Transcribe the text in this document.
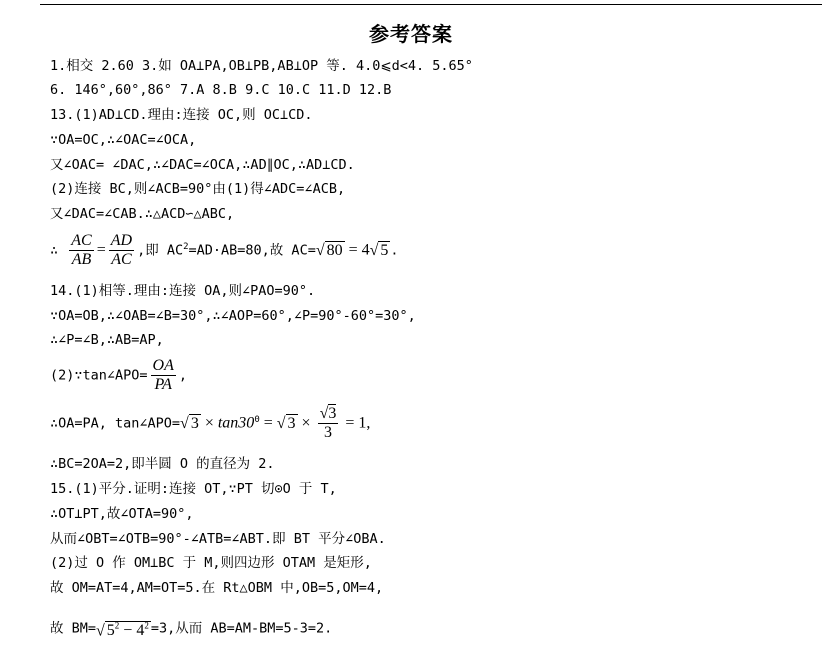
参考答案
1.相交 2.60 3.如 OA⊥PA,OB⊥PB,AB⊥OP 等. 4.0⩽d<4. 5.65°
6. 146°,60°,86° 7.A 8.B 9.C 10.C 11.D 12.B
13.(1)AD⊥CD.理由:连接 OC,则 OC⊥CD.
∵OA=OC,∴∠OAC=∠OCA,
又∠OAC= ∠DAC,∴∠DAC=∠OCA,∴AD∥OC,∴AD⊥CD.
(2)连接 BC,则∠ACB=90°由(1)得∠ADC=∠ACB,
又∠DAC=∠CAB.∴△ACD∽△ABC,
∴ $\frac{AC}{AB} = \frac{AD}{AC}$ ,即 $AC^2=AD\cdot AB=80$,故 AC=√ 80 = 4√ 5 .
14.(1)相等.理由:连接 OA,则∠PAO=90°.
∵OA=OB,∴∠OAB=∠B=30°,∴∠AOP=60°,∠P=90°-60°=30°,
∴∠P=∠B,∴AB=AP,
(2)∵tan∠APO= $\frac{OA}{PA}$ ,
∴OA=PA, tan∠APO=√ $3 \times \tan 30^0$ = √ $3 \times \frac{√3}{3} = 1$,
∴BC=2OA=2,即半圆 O 的直径为 2.
15.(1)平分.证明:连接 OT,∵PT 切⊙O 于 T,
∴OT⊥PT,故∠OTA=90°,
从而∠OBT=∠OTB=90°-∠ATB=∠ABT.即 BT 平分∠OBA.
(2)过 O 作 OM⊥BC 于 M,则四边形 OTAM 是矩形,
故 OM=AT=4,AM=OT=5.在 Rt△OBM 中,OB=5,OM=4,
故 BM=√ $5^2 - 4^2 =3$,从而 AB=AM-BM=5-3=2.
